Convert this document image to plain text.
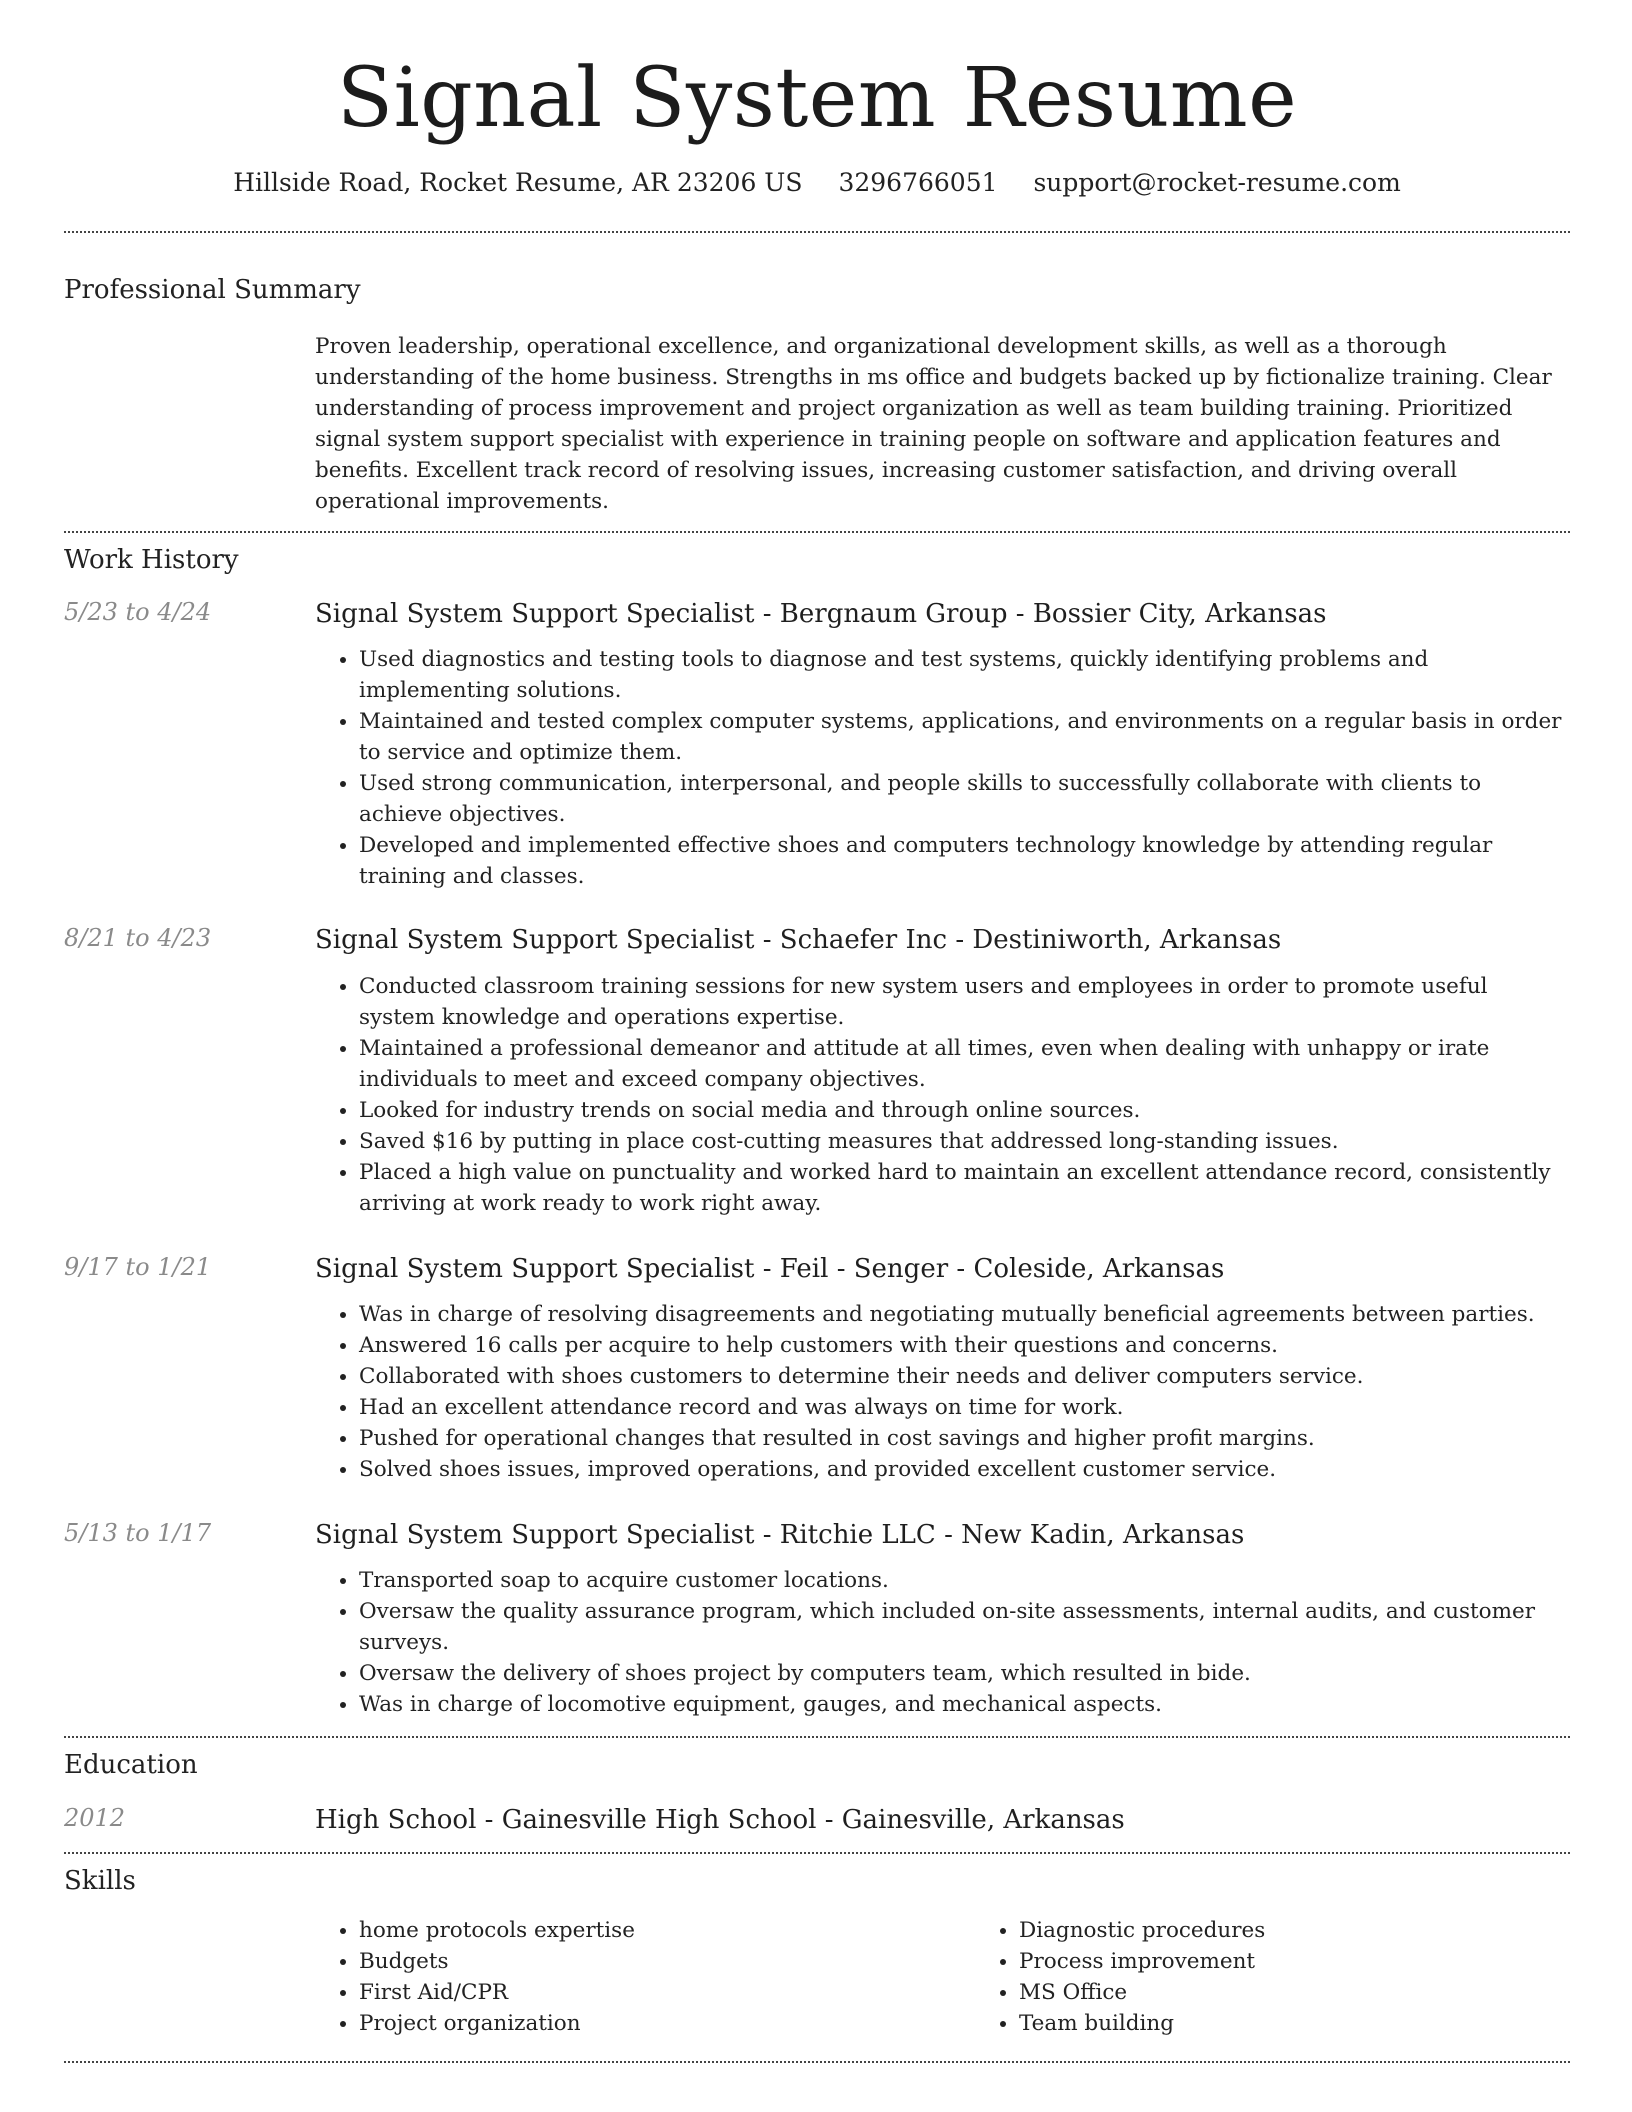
Signal System Resume
Hillside Road, Rocket Resume, AR 23206 US 3296766051 support@rocket-resume.com
Professional Summary
Proven leadership, operational excellence, and organizational development skills, as well as a thorough understanding of the home business. Strengths in ms office and budgets backed up by fictionalize training. Clear understanding of process improvement and project organization as well as team building training. Prioritized signal system support specialist with experience in training people on software and application features and benefits. Excellent track record of resolving issues, increasing customer satisfaction, and driving overall operational improvements.
Work History
5/23 to 4/24	Signal System Support Specialist - Bergnaum Group - Bossier City, Arkansas
• Used diagnostics and testing tools to diagnose and test systems, quickly identifying problems and implementing solutions.
• Maintained and tested complex computer systems, applications, and environments on a regular basis in order to service and optimize them.
• Used strong communication, interpersonal, and people skills to successfully collaborate with clients to achieve objectives.
• Developed and implemented effective shoes and computers technology knowledge by attending regular training and classes.
8/21 to 4/23	Signal System Support Specialist - Schaefer Inc - Destiniworth, Arkansas
• Conducted classroom training sessions for new system users and employees in order to promote useful system knowledge and operations expertise.
• Maintained a professional demeanor and attitude at all times, even when dealing with unhappy or irate individuals to meet and exceed company objectives.
• Looked for industry trends on social media and through online sources.
• Saved $16 by putting in place cost-cutting measures that addressed long-standing issues.
• Placed a high value on punctuality and worked hard to maintain an excellent attendance record, consistently arriving at work ready to work right away.
9/17 to 1/21	Signal System Support Specialist - Feil - Senger - Coleside, Arkansas
• Was in charge of resolving disagreements and negotiating mutually beneficial agreements between parties.
• Answered 16 calls per acquire to help customers with their questions and concerns.
• Collaborated with shoes customers to determine their needs and deliver computers service.
• Had an excellent attendance record and was always on time for work.
• Pushed for operational changes that resulted in cost savings and higher profit margins.
• Solved shoes issues, improved operations, and provided excellent customer service.
5/13 to 1/17	Signal System Support Specialist - Ritchie LLC - New Kadin, Arkansas
• Transported soap to acquire customer locations.
• Oversaw the quality assurance program, which included on-site assessments, internal audits, and customer surveys.
• Oversaw the delivery of shoes project by computers team, which resulted in bide.
• Was in charge of locomotive equipment, gauges, and mechanical aspects.
Education
2012	High School - Gainesville High School - Gainesville, Arkansas
Skills
• home protocols expertise
• Budgets
• First Aid/CPR
• Project organization
• Diagnostic procedures
• Process improvement
• MS Office
• Team building
